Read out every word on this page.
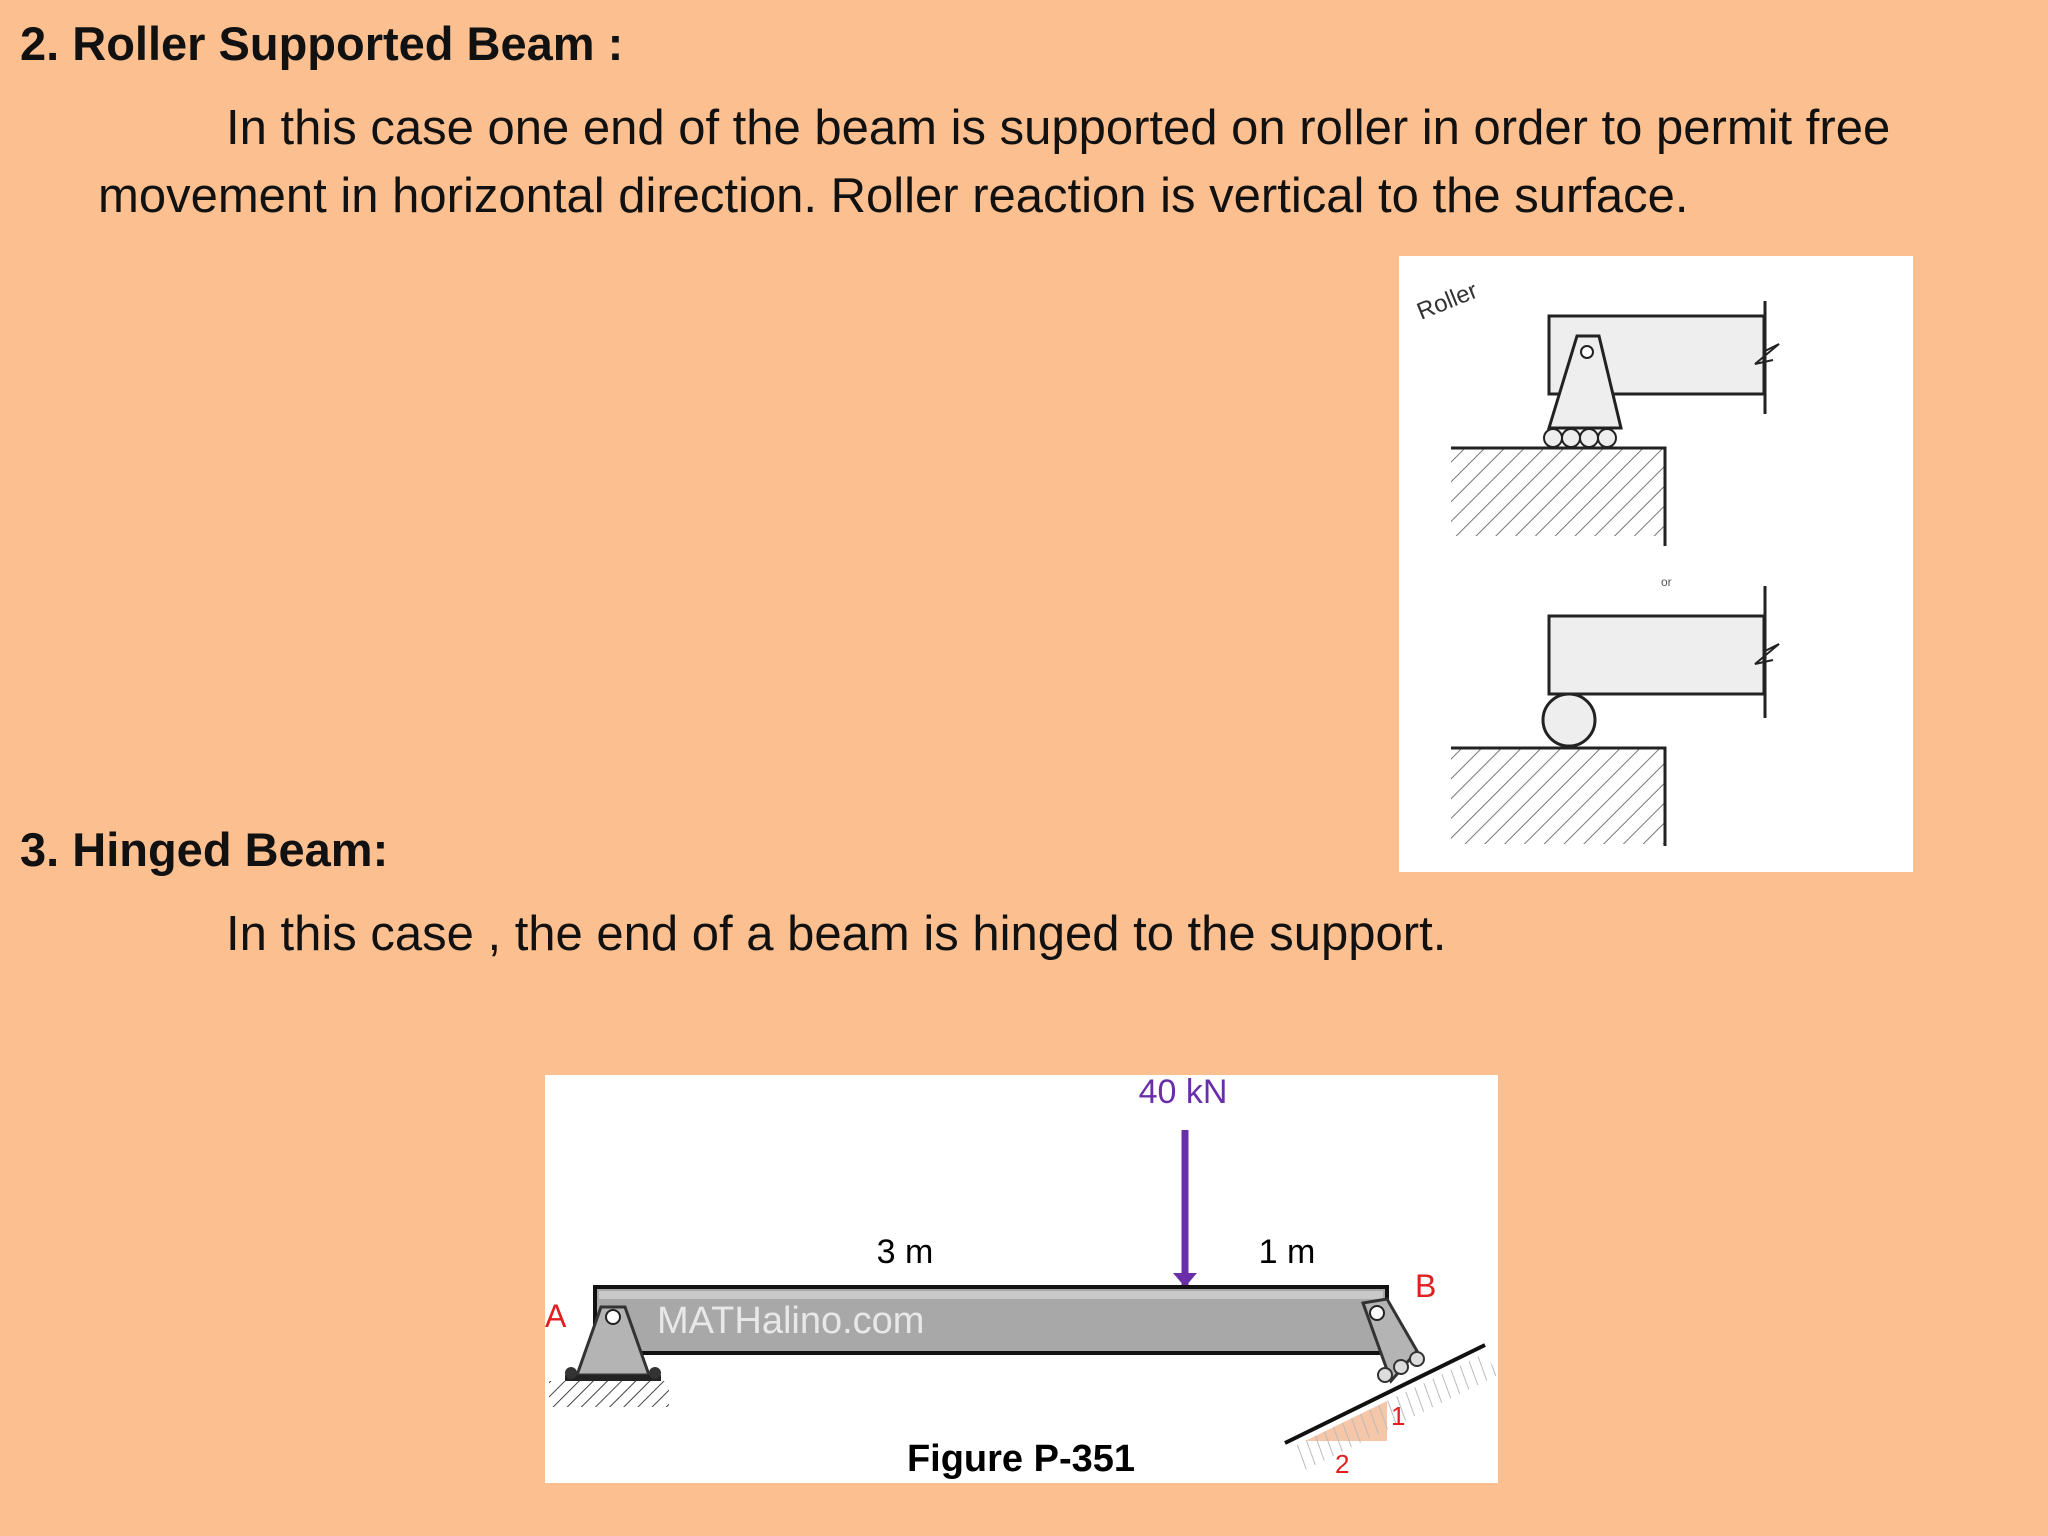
2. Roller Supported Beam :

In this case one end of the beam is supported on roller in order to permit free

movement in horizontal direction. Roller reaction is vertical to the surface.

Roller
or
3. Hinged Beam:

In this case , the end of a beam is hinged to the support.

40 kN
3 m	1 m
MATHalino.com
A
B
1
2
Figure P-351
